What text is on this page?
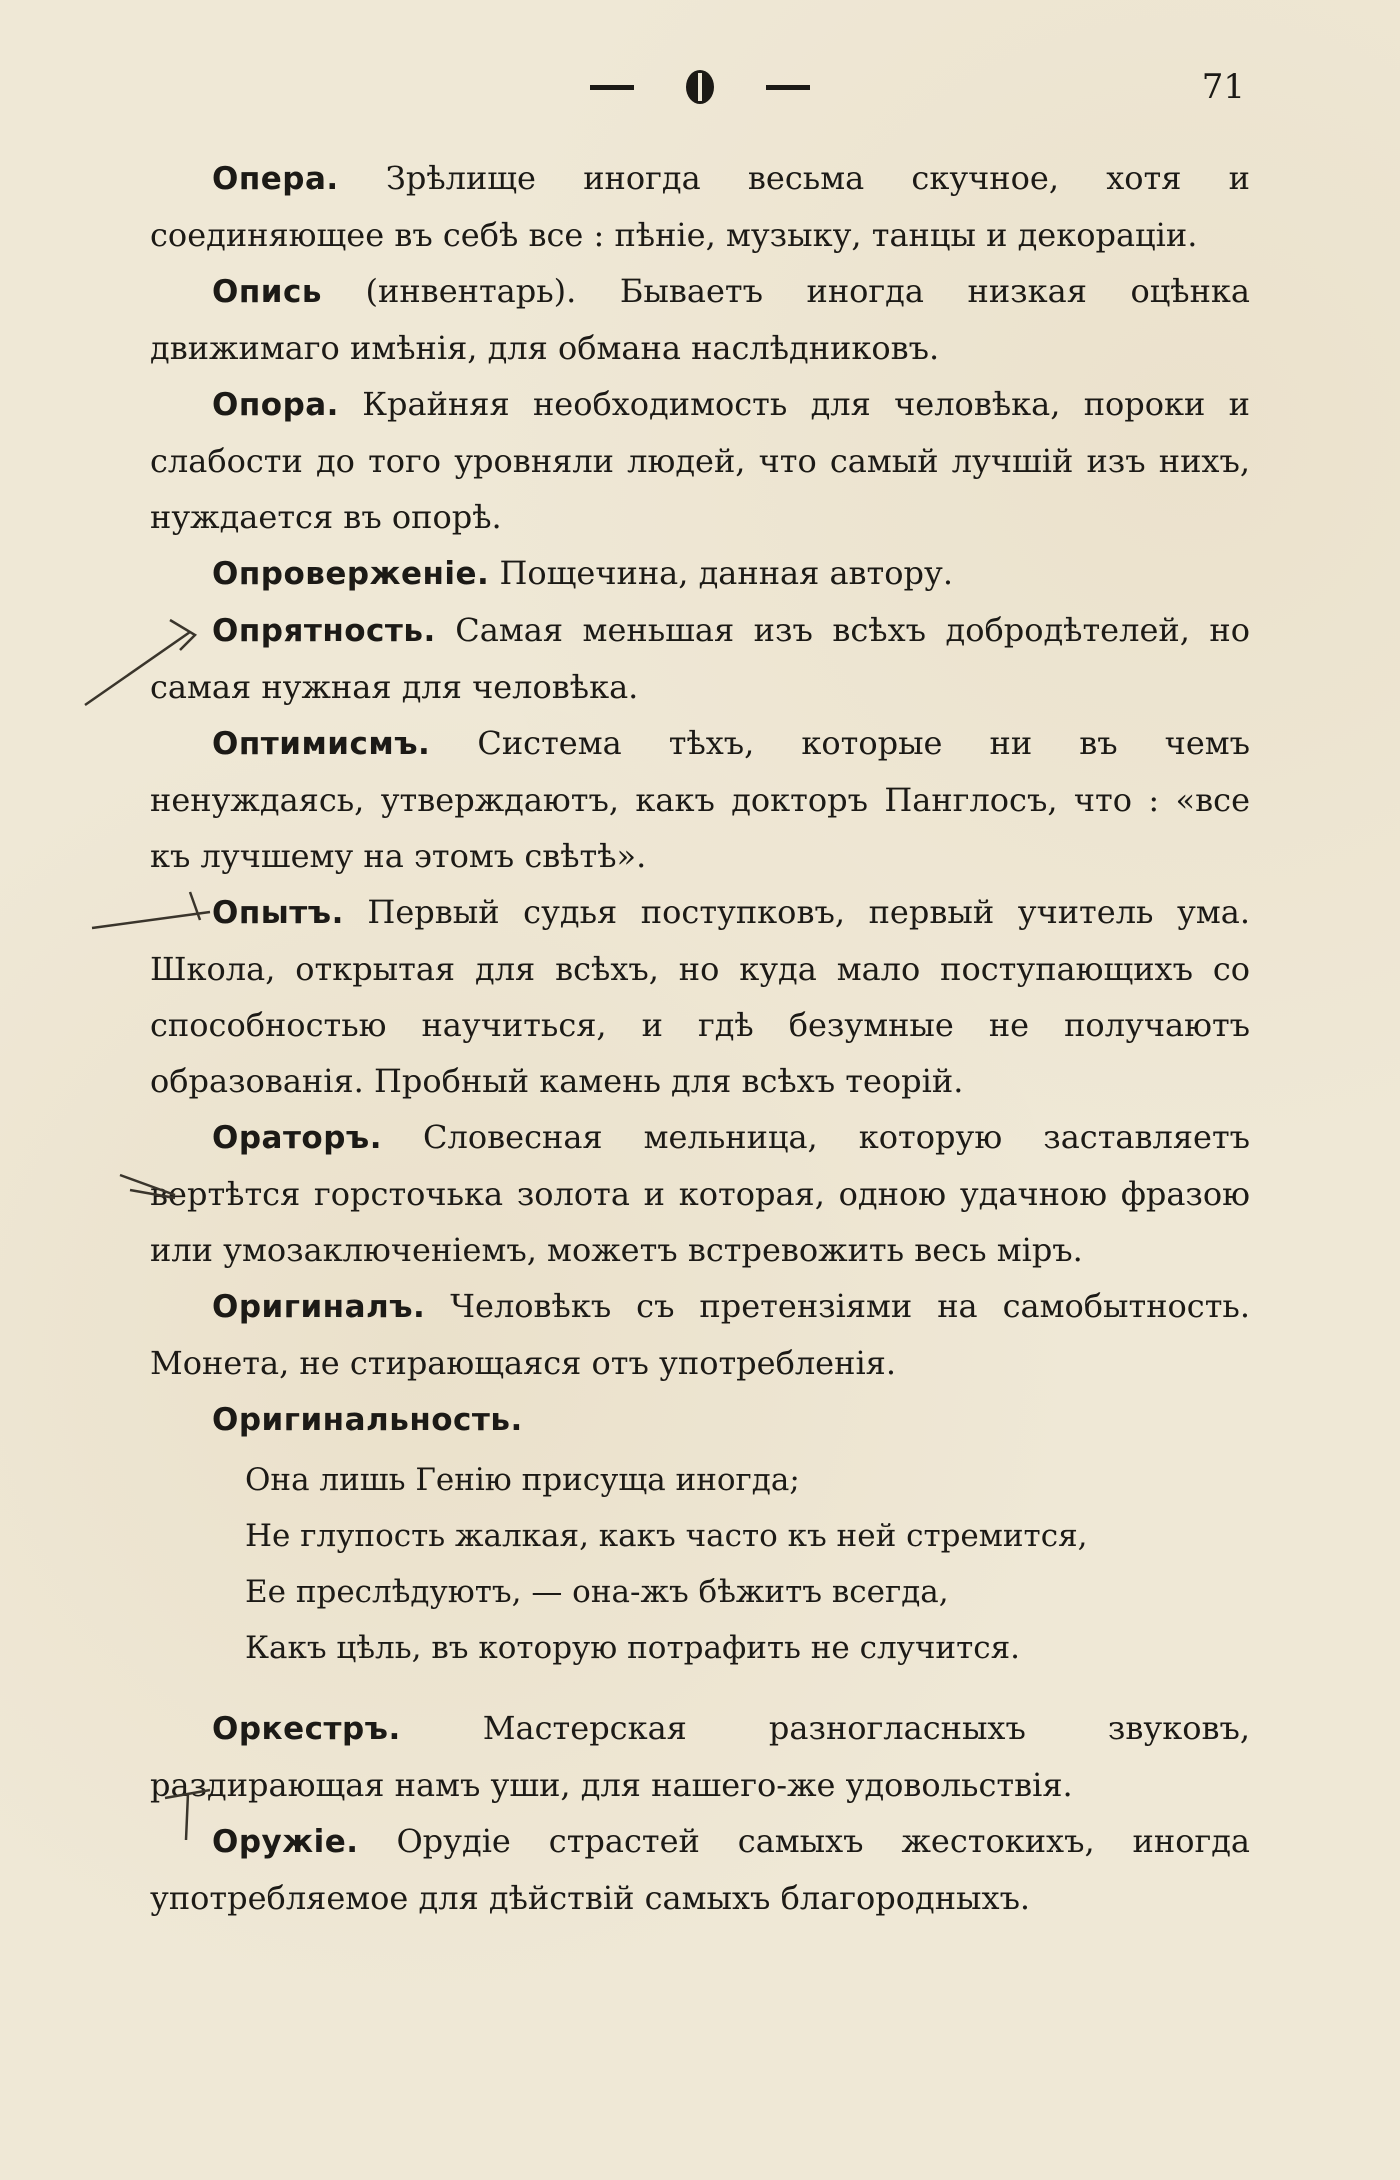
71

Опера. Зрѣлище иногда весьма скучное, хотя и соединяющее въ себѣ все : пѣніе, музыку, танцы и декораціи.

Опись (инвентарь). Бываетъ иногда низкая оцѣнка движимаго имѣнія, для обмана наслѣдниковъ.

Опора. Крайняя необходимость для человѣка, пороки и слабости до того уровняли людей, что самый лучшій изъ нихъ, нуждается въ опорѣ.

Опроверженіе. Пощечина, данная автору.

Опрятность. Самая меньшая изъ всѣхъ добродѣтелей, но самая нужная для человѣка.

Оптимисмъ. Система тѣхъ, которые ни въ чемъ ненуждаясь, утверждаютъ, какъ докторъ Панглосъ, что : «все къ лучшему на этомъ свѣтѣ».

Опытъ. Первый судья поступковъ, первый учитель ума. Школа, открытая для всѣхъ, но куда мало поступающихъ со способностью научиться, и гдѣ безумные не получаютъ образованія. Пробный камень для всѣхъ теорій.

Ораторъ. Словесная мельница, которую заставляетъ вертѣтся горсточька золота и которая, одною удачною фразою или умозаключеніемъ, можетъ встревожить весь міръ.

Оригиналъ. Человѣкъ съ претензіями на самобытность. Монета, не стирающаяся отъ употребленія.

Оригинальность.

Она лишь Генію присуща иногда;
Не глупость жалкая, какъ часто къ ней стремится,
Ее преслѣдуютъ, — она-жъ бѣжитъ всегда,
Какъ цѣль, въ которую потрафить не случится.

Оркестръ. Мастерская разногласныхъ звуковъ, раздирающая намъ уши, для нашего-же удовольствія.

Оружіе. Орудіе страстей самыхъ жестокихъ, иногда употребляемое для дѣйствій самыхъ благородныхъ.
